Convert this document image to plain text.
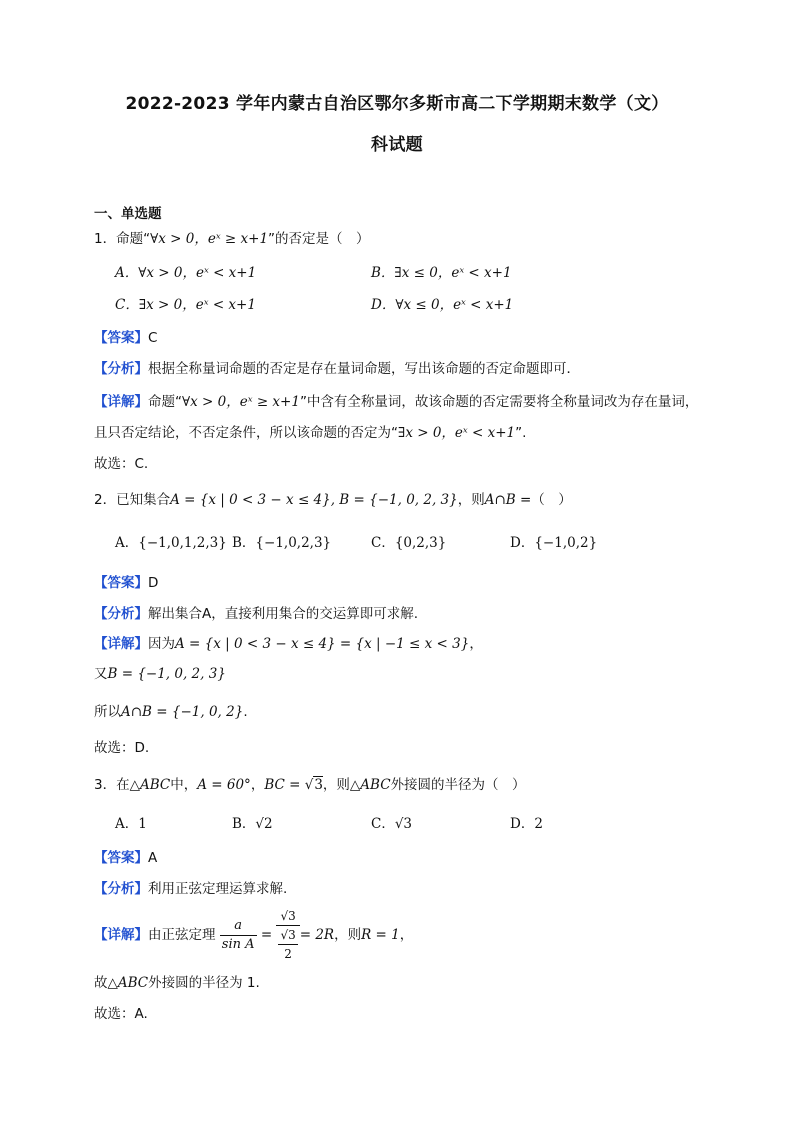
2022-2023 学年内蒙古自治区鄂尔多斯市高二下学期期末数学（文）
科试题
一、单选题
1．命题“∀x > 0，eˣ ≥ x+1”的否定是（　）
A．∀x > 0，eˣ < x+1	B．∃x ≤ 0，eˣ < x+1
C．∃x > 0，eˣ < x+1	D．∀x ≤ 0，eˣ < x+1
【答案】C
【分析】根据全称量词命题的否定是存在量词命题，写出该命题的否定命题即可．
【详解】命题“∀x > 0，eˣ ≥ x+1”中含有全称量词，故该命题的否定需要将全称量词改为存在量词，
且只否定结论，不否定条件，所以该命题的否定为“∃x > 0，eˣ < x+1”.
故选：C.
2．已知集合A = {x | 0 < 3 − x ≤ 4}, B = {−1, 0, 2, 3}，则A∩B =（　）
A．{−1,0,1,2,3} B．{−1,0,2,3}	C．{0,2,3}	D．{−1,0,2}
【答案】D
【分析】解出集合A，直接利用集合的交运算即可求解.
【详解】因为A = {x | 0 < 3 − x ≤ 4} = {x | −1 ≤ x < 3}，
又B = {−1, 0, 2, 3}
所以A∩B = {−1, 0, 2}.
故选：D.
3．在△ABC中，A = 60°，BC = √3，则△ABC外接圆的半径为（　）
A．1	B．√2	C．√3	D．2
【答案】A
【分析】利用正弦定理运算求解.
【详解】由正弦定理 $\frac{a}{\text{sin A}} = \frac{√3}{\frac{√3}{2}} = 2R$，则R = 1，
故△ABC外接圆的半径为 1.
故选：A.
